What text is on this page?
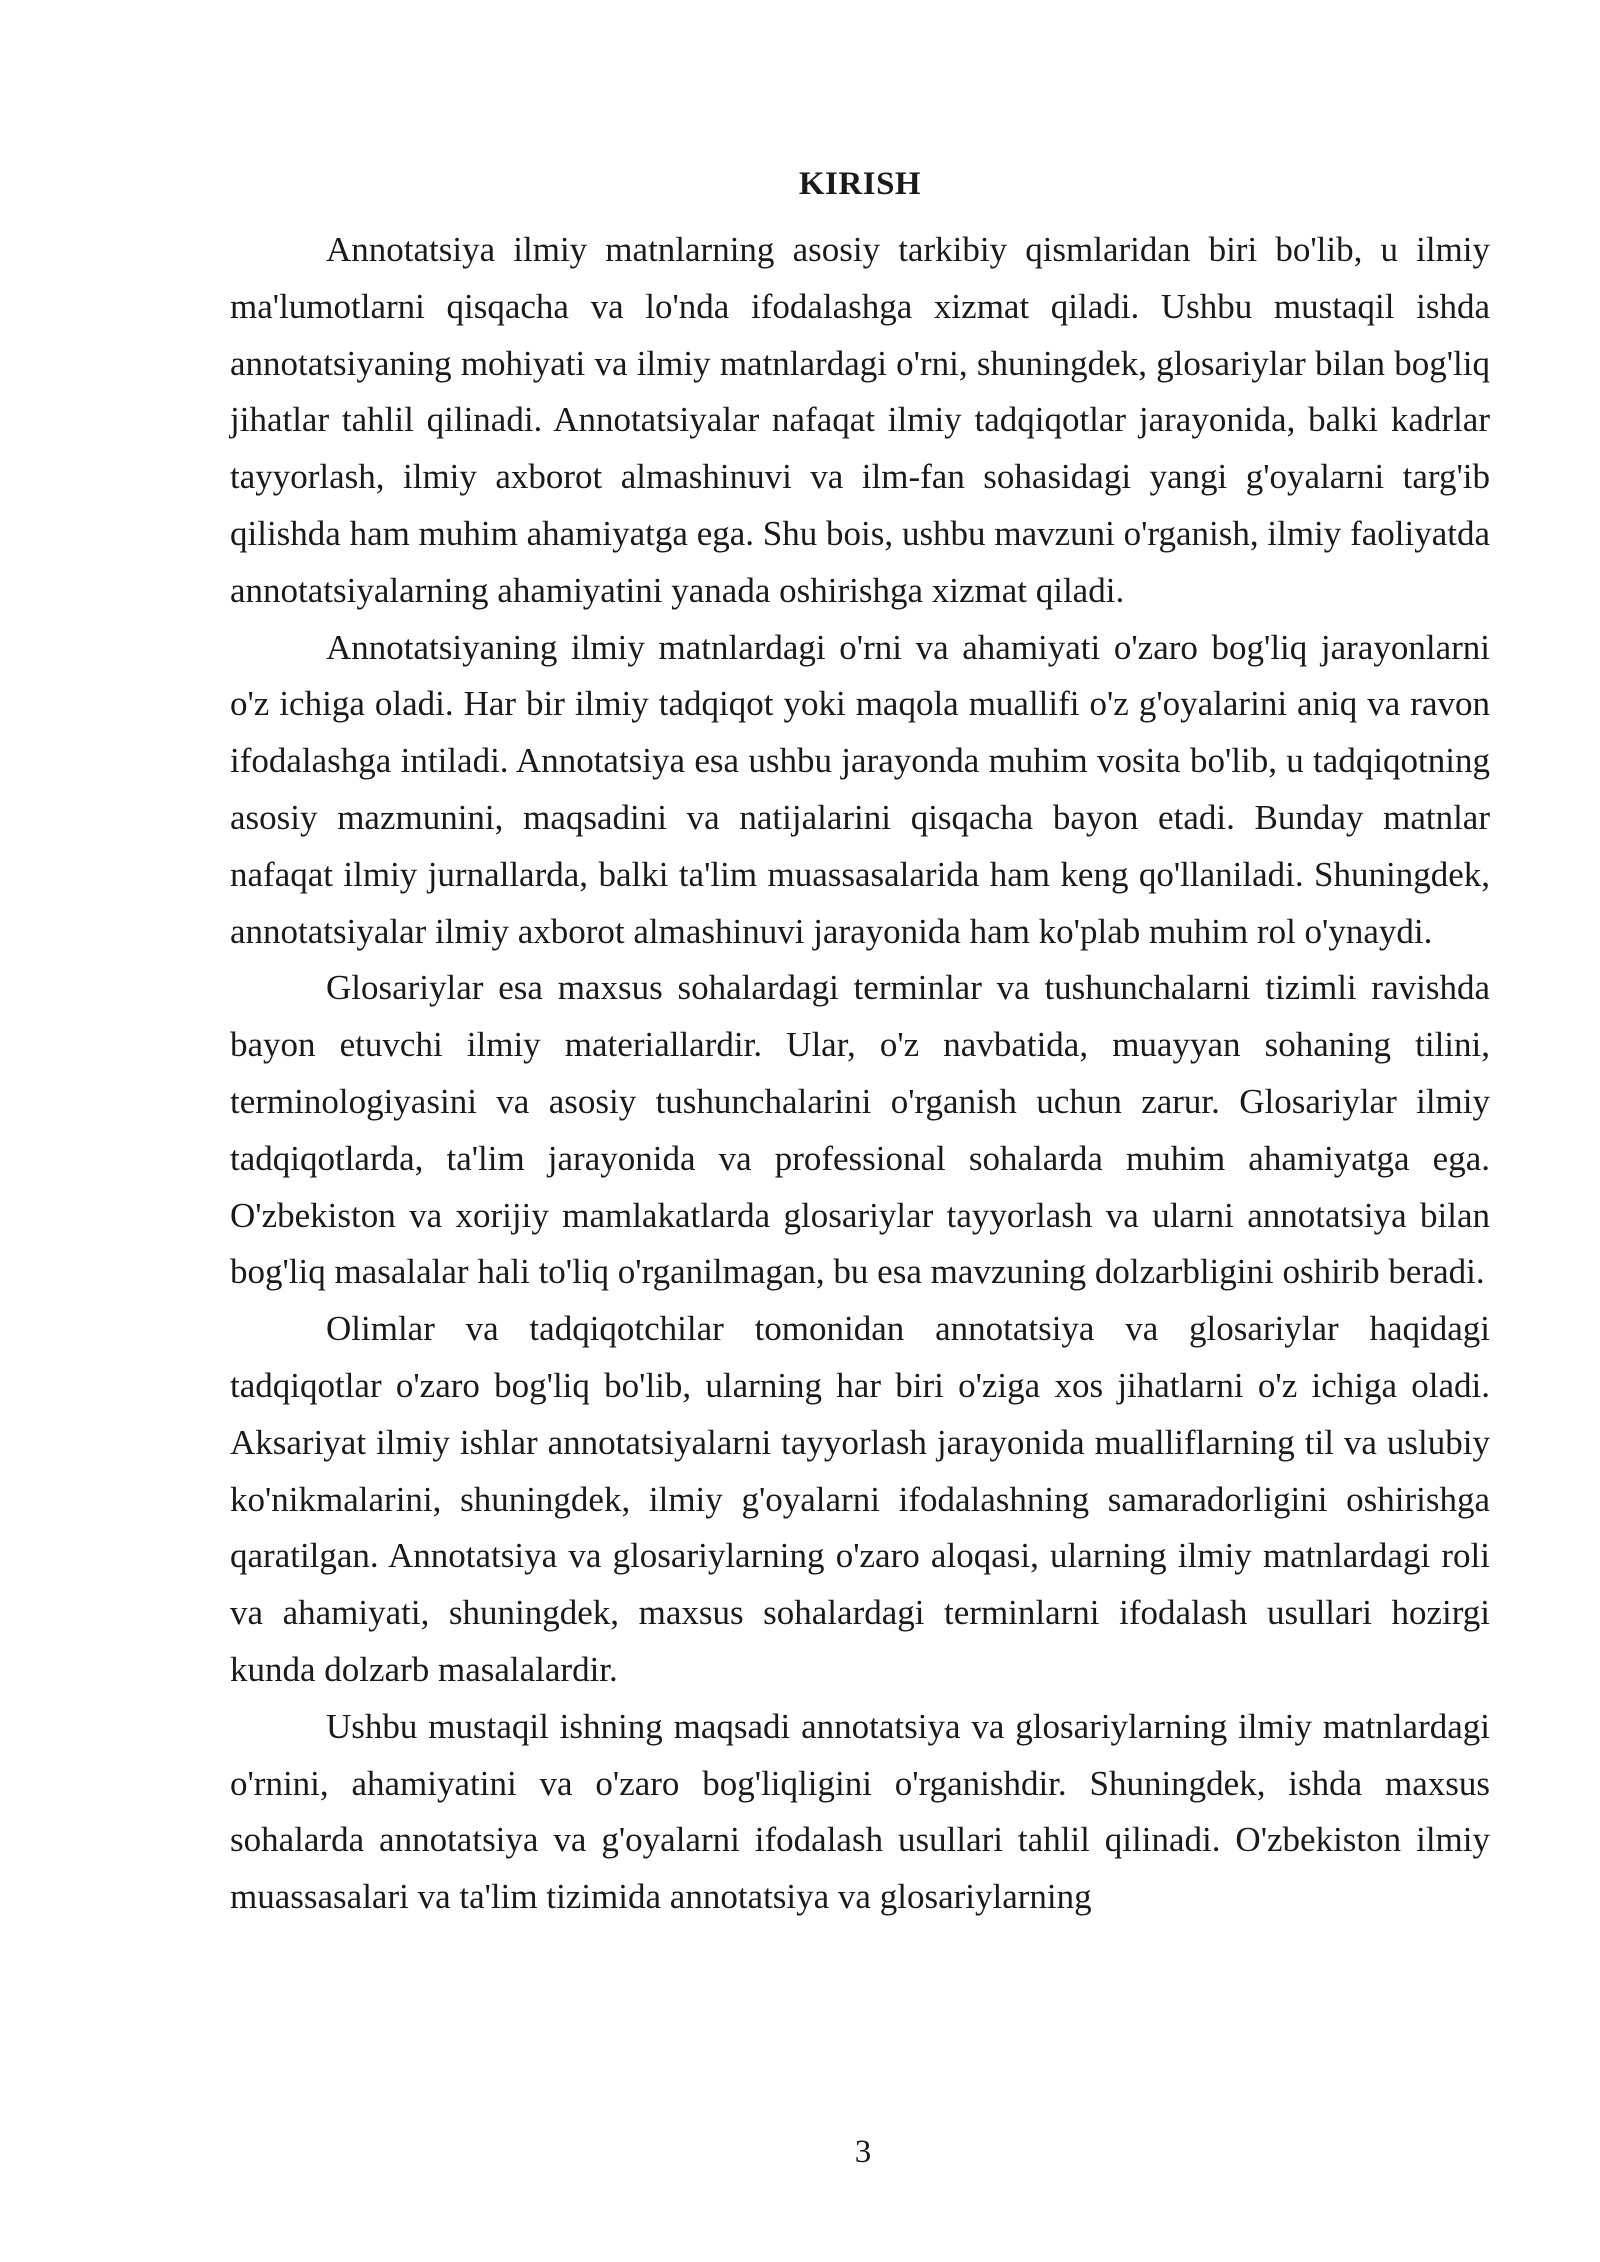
KIRISH

Annotatsiya ilmiy matnlarning asosiy tarkibiy qismlaridan biri bo'lib, u ilmiy ma'lumotlarni qisqacha va lo'nda ifodalashga xizmat qiladi. Ushbu mustaqil ishda annotatsiyaning mohiyati va ilmiy matnlardagi o'rni, shuningdek, glosariylar bilan bog'liq jihatlar tahlil qilinadi. Annotatsiyalar nafaqat ilmiy tadqiqotlar jarayonida, balki kadrlar tayyorlash, ilmiy axborot almashinuvi va ilm-fan sohasidagi yangi g'oyalarni targ'ib qilishda ham muhim ahamiyatga ega. Shu bois, ushbu mavzuni o'rganish, ilmiy faoliyatda annotatsiyalarning ahamiyatini yanada oshirishga xizmat qiladi.

Annotatsiyaning ilmiy matnlardagi o'rni va ahamiyati o'zaro bog'liq jarayonlarni o'z ichiga oladi. Har bir ilmiy tadqiqot yoki maqola muallifi o'z g'oyalarini aniq va ravon ifodalashga intiladi. Annotatsiya esa ushbu jarayonda muhim vosita bo'lib, u tadqiqotning asosiy mazmunini, maqsadini va natijalarini qisqacha bayon etadi. Bunday matnlar nafaqat ilmiy jurnallarda, balki ta'lim muassasalarida ham keng qo'llaniladi. Shuningdek, annotatsiyalar ilmiy axborot almashinuvi jarayonida ham ko'plab muhim rol o'ynaydi.

Glosariylar esa maxsus sohalardagi terminlar va tushunchalarni tizimli ravishda bayon etuvchi ilmiy materiallardir. Ular, o'z navbatida, muayyan sohaning tilini, terminologiyasini va asosiy tushunchalarini o'rganish uchun zarur. Glosariylar ilmiy tadqiqotlarda, ta'lim jarayonida va professional sohalarda muhim ahamiyatga ega. O'zbekiston va xorijiy mamlakatlarda glosariylar tayyorlash va ularni annotatsiya bilan bog'liq masalalar hali to'liq o'rganilmagan, bu esa mavzuning dolzarbligini oshirib beradi.

Olimlar va tadqiqotchilar tomonidan annotatsiya va glosariylar haqidagi tadqiqotlar o'zaro bog'liq bo'lib, ularning har biri o'ziga xos jihatlarni o'z ichiga oladi. Aksariyat ilmiy ishlar annotatsiyalarni tayyorlash jarayonida mualliflarning til va uslubiy ko'nikmalarini, shuningdek, ilmiy g'oyalarni ifodalashning samaradorligini oshirishga qaratilgan. Annotatsiya va glosariylarning o'zaro aloqasi, ularning ilmiy matnlardagi roli va ahamiyati, shuningdek, maxsus sohalardagi terminlarni ifodalash usullari hozirgi kunda dolzarb masalalardir.

Ushbu mustaqil ishning maqsadi annotatsiya va glosariylarning ilmiy matnlardagi o'rnini, ahamiyatini va o'zaro bog'liqligini o'rganishdir. Shuningdek, ishda maxsus sohalarda annotatsiya va g'oyalarni ifodalash usullari tahlil qilinadi. O'zbekiston ilmiy muassasalari va ta'lim tizimida annotatsiya va glosariylarning

3
